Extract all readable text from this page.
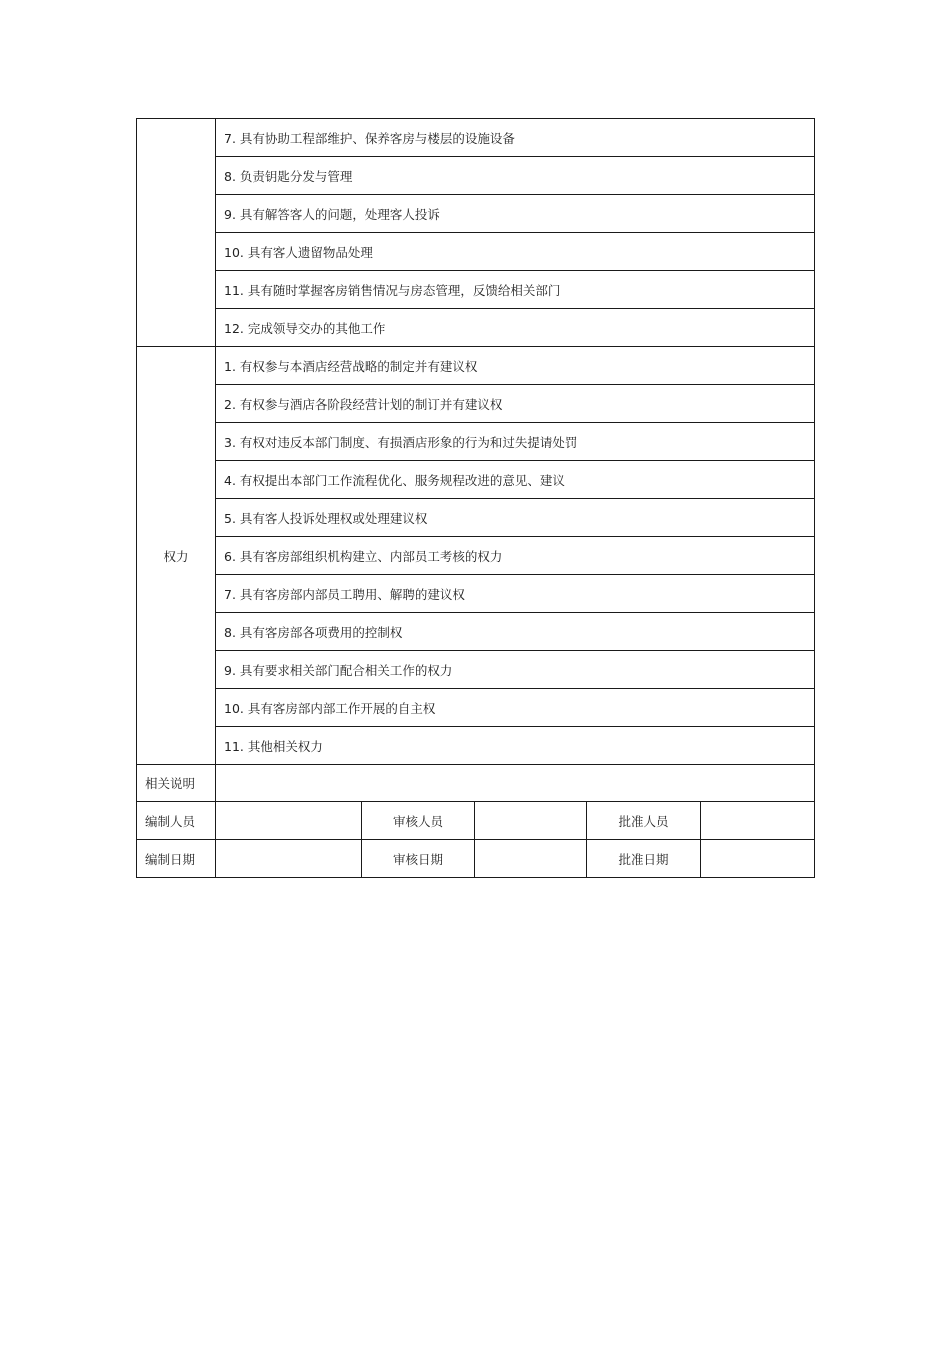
	7. 具有协助工程部维护、保养客房与楼层的设施设备				
	8. 负责钥匙分发与管理				
	9. 具有解答客人的问题，处理客人投诉				
	10. 具有客人遗留物品处理				
	11. 具有随时掌握客房销售情况与房态管理，反馈给相关部门				
	12. 完成领导交办的其他工作				
权力	1. 有权参与本酒店经营战略的制定并有建议权				
	2. 有权参与酒店各阶段经营计划的制订并有建议权				
	3. 有权对违反本部门制度、有损酒店形象的行为和过失提请处罚				
	4. 有权提出本部门工作流程优化、服务规程改进的意见、建议				
	5. 具有客人投诉处理权或处理建议权				
	6. 具有客房部组织机构建立、内部员工考核的权力				
	7. 具有客房部内部员工聘用、解聘的建议权				
	8. 具有客房部各项费用的控制权				
	9. 具有要求相关部门配合相关工作的权力				
	10. 具有客房部内部工作开展的自主权				
	11. 其他相关权力				
相关说明					
编制人员		审核人员		批准人员	
编制日期		审核日期		批准日期	
